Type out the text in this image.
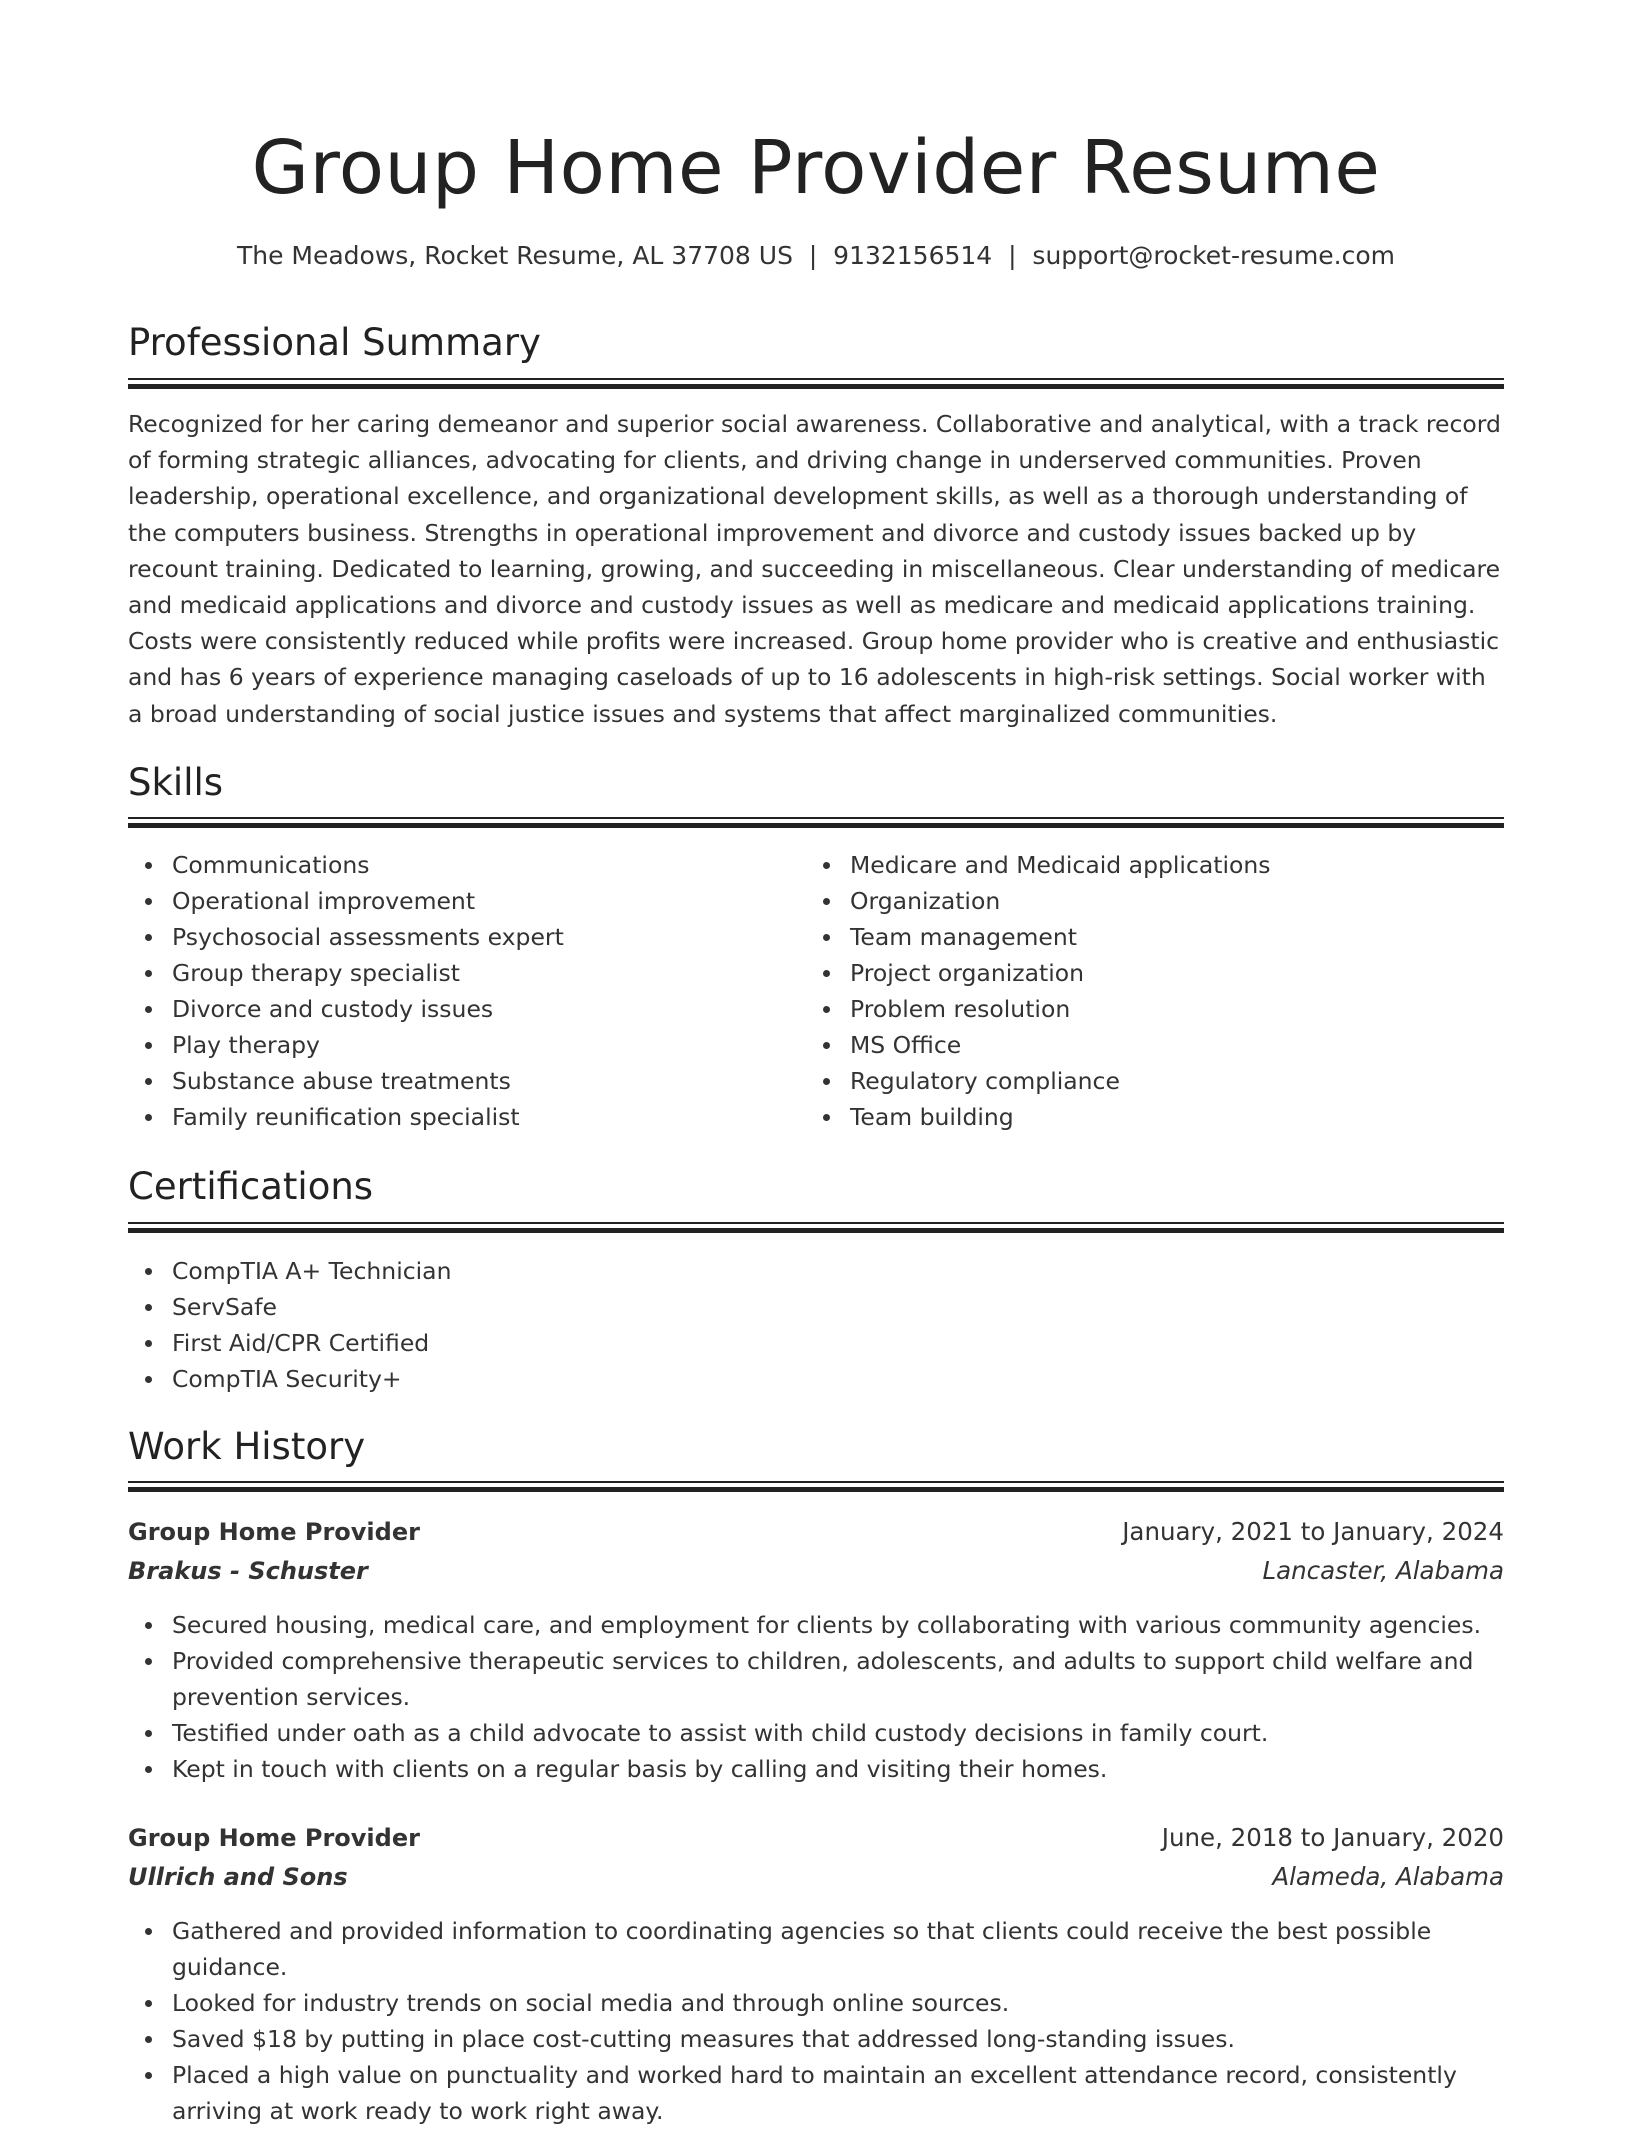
Group Home Provider Resume
The Meadows, Rocket Resume, AL 37708 US  |  9132156514  |  support@rocket-resume.com
Professional Summary

Recognized for her caring demeanor and superior social awareness. Collaborative and analytical, with a track record of forming strategic alliances, advocating for clients, and driving change in underserved communities. Proven leadership, operational excellence, and organizational development skills, as well as a thorough understanding of the computers business. Strengths in operational improvement and divorce and custody issues backed up by recount training. Dedicated to learning, growing, and succeeding in miscellaneous. Clear understanding of medicare and medicaid applications and divorce and custody issues as well as medicare and medicaid applications training. Costs were consistently reduced while profits were increased. Group home provider who is creative and enthusiastic and has 6 years of experience managing caseloads of up to 16 adolescents in high-risk settings. Social worker with a broad understanding of social justice issues and systems that affect marginalized communities.

Skills
Communications
Operational improvement
Psychosocial assessments expert
Group therapy specialist
Divorce and custody issues
Play therapy
Substance abuse treatments
Family reunification specialist
Medicare and Medicaid applications
Organization
Team management
Project organization
Problem resolution
MS Office
Regulatory compliance
Team building
Certifications
CompTIA A+ Technician
ServSafe
First Aid/CPR Certified
CompTIA Security+
Work History
Group Home Provider	January, 2021 to January, 2024
Brakus - Schuster	Lancaster, Alabama
Secured housing, medical care, and employment for clients by collaborating with various community agencies.
Provided comprehensive therapeutic services to children, adolescents, and adults to support child welfare and prevention services.
Testified under oath as a child advocate to assist with child custody decisions in family court.
Kept in touch with clients on a regular basis by calling and visiting their homes.
Group Home Provider	June, 2018 to January, 2020
Ullrich and Sons	Alameda, Alabama
Gathered and provided information to coordinating agencies so that clients could receive the best possible guidance.
Looked for industry trends on social media and through online sources.
Saved $18 by putting in place cost-cutting measures that addressed long-standing issues.
Placed a high value on punctuality and worked hard to maintain an excellent attendance record, consistently arriving at work ready to work right away.
